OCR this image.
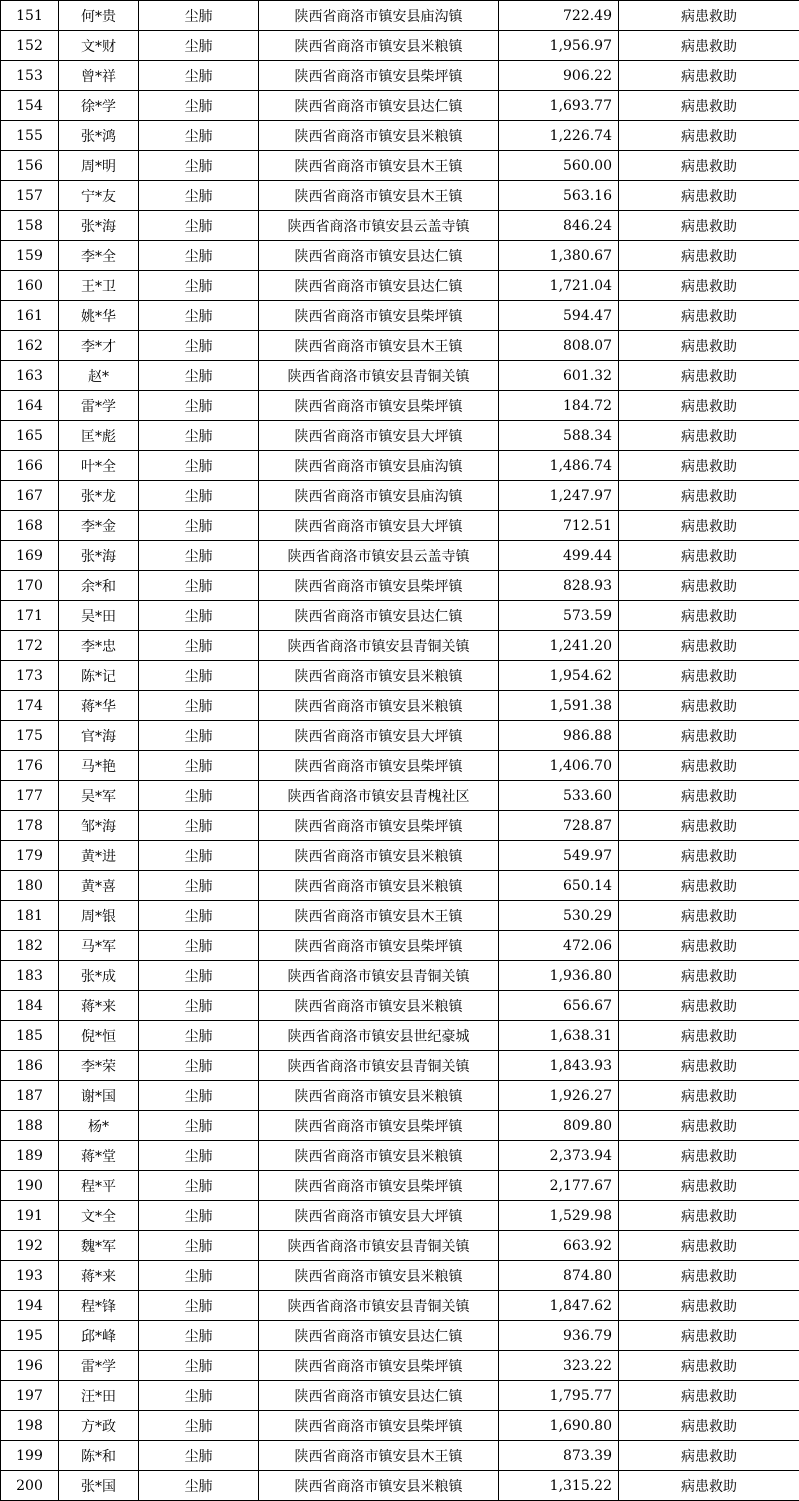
151	何*贵	尘肺	陕西省商洛市镇安县庙沟镇	722.49	病患救助
152	文*财	尘肺	陕西省商洛市镇安县米粮镇	1,956.97	病患救助
153	曾*祥	尘肺	陕西省商洛市镇安县柴坪镇	906.22	病患救助
154	徐*学	尘肺	陕西省商洛市镇安县达仁镇	1,693.77	病患救助
155	张*鸿	尘肺	陕西省商洛市镇安县米粮镇	1,226.74	病患救助
156	周*明	尘肺	陕西省商洛市镇安县木王镇	560.00	病患救助
157	宁*友	尘肺	陕西省商洛市镇安县木王镇	563.16	病患救助
158	张*海	尘肺	陕西省商洛市镇安县云盖寺镇	846.24	病患救助
159	李*全	尘肺	陕西省商洛市镇安县达仁镇	1,380.67	病患救助
160	王*卫	尘肺	陕西省商洛市镇安县达仁镇	1,721.04	病患救助
161	姚*华	尘肺	陕西省商洛市镇安县柴坪镇	594.47	病患救助
162	李*才	尘肺	陕西省商洛市镇安县木王镇	808.07	病患救助
163	赵*	尘肺	陕西省商洛市镇安县青铜关镇	601.32	病患救助
164	雷*学	尘肺	陕西省商洛市镇安县柴坪镇	184.72	病患救助
165	匡*彪	尘肺	陕西省商洛市镇安县大坪镇	588.34	病患救助
166	叶*全	尘肺	陕西省商洛市镇安县庙沟镇	1,486.74	病患救助
167	张*龙	尘肺	陕西省商洛市镇安县庙沟镇	1,247.97	病患救助
168	李*金	尘肺	陕西省商洛市镇安县大坪镇	712.51	病患救助
169	张*海	尘肺	陕西省商洛市镇安县云盖寺镇	499.44	病患救助
170	余*和	尘肺	陕西省商洛市镇安县柴坪镇	828.93	病患救助
171	吴*田	尘肺	陕西省商洛市镇安县达仁镇	573.59	病患救助
172	李*忠	尘肺	陕西省商洛市镇安县青铜关镇	1,241.20	病患救助
173	陈*记	尘肺	陕西省商洛市镇安县米粮镇	1,954.62	病患救助
174	蒋*华	尘肺	陕西省商洛市镇安县米粮镇	1,591.38	病患救助
175	官*海	尘肺	陕西省商洛市镇安县大坪镇	986.88	病患救助
176	马*艳	尘肺	陕西省商洛市镇安县柴坪镇	1,406.70	病患救助
177	吴*军	尘肺	陕西省商洛市镇安县青槐社区	533.60	病患救助
178	邹*海	尘肺	陕西省商洛市镇安县柴坪镇	728.87	病患救助
179	黄*进	尘肺	陕西省商洛市镇安县米粮镇	549.97	病患救助
180	黄*喜	尘肺	陕西省商洛市镇安县米粮镇	650.14	病患救助
181	周*银	尘肺	陕西省商洛市镇安县木王镇	530.29	病患救助
182	马*军	尘肺	陕西省商洛市镇安县柴坪镇	472.06	病患救助
183	张*成	尘肺	陕西省商洛市镇安县青铜关镇	1,936.80	病患救助
184	蒋*来	尘肺	陕西省商洛市镇安县米粮镇	656.67	病患救助
185	倪*恒	尘肺	陕西省商洛市镇安县世纪豪城	1,638.31	病患救助
186	李*荣	尘肺	陕西省商洛市镇安县青铜关镇	1,843.93	病患救助
187	谢*国	尘肺	陕西省商洛市镇安县米粮镇	1,926.27	病患救助
188	杨*	尘肺	陕西省商洛市镇安县柴坪镇	809.80	病患救助
189	蒋*堂	尘肺	陕西省商洛市镇安县米粮镇	2,373.94	病患救助
190	程*平	尘肺	陕西省商洛市镇安县柴坪镇	2,177.67	病患救助
191	文*全	尘肺	陕西省商洛市镇安县大坪镇	1,529.98	病患救助
192	魏*军	尘肺	陕西省商洛市镇安县青铜关镇	663.92	病患救助
193	蒋*来	尘肺	陕西省商洛市镇安县米粮镇	874.80	病患救助
194	程*锋	尘肺	陕西省商洛市镇安县青铜关镇	1,847.62	病患救助
195	邱*峰	尘肺	陕西省商洛市镇安县达仁镇	936.79	病患救助
196	雷*学	尘肺	陕西省商洛市镇安县柴坪镇	323.22	病患救助
197	汪*田	尘肺	陕西省商洛市镇安县达仁镇	1,795.77	病患救助
198	方*政	尘肺	陕西省商洛市镇安县柴坪镇	1,690.80	病患救助
199	陈*和	尘肺	陕西省商洛市镇安县木王镇	873.39	病患救助
200	张*国	尘肺	陕西省商洛市镇安县米粮镇	1,315.22	病患救助
